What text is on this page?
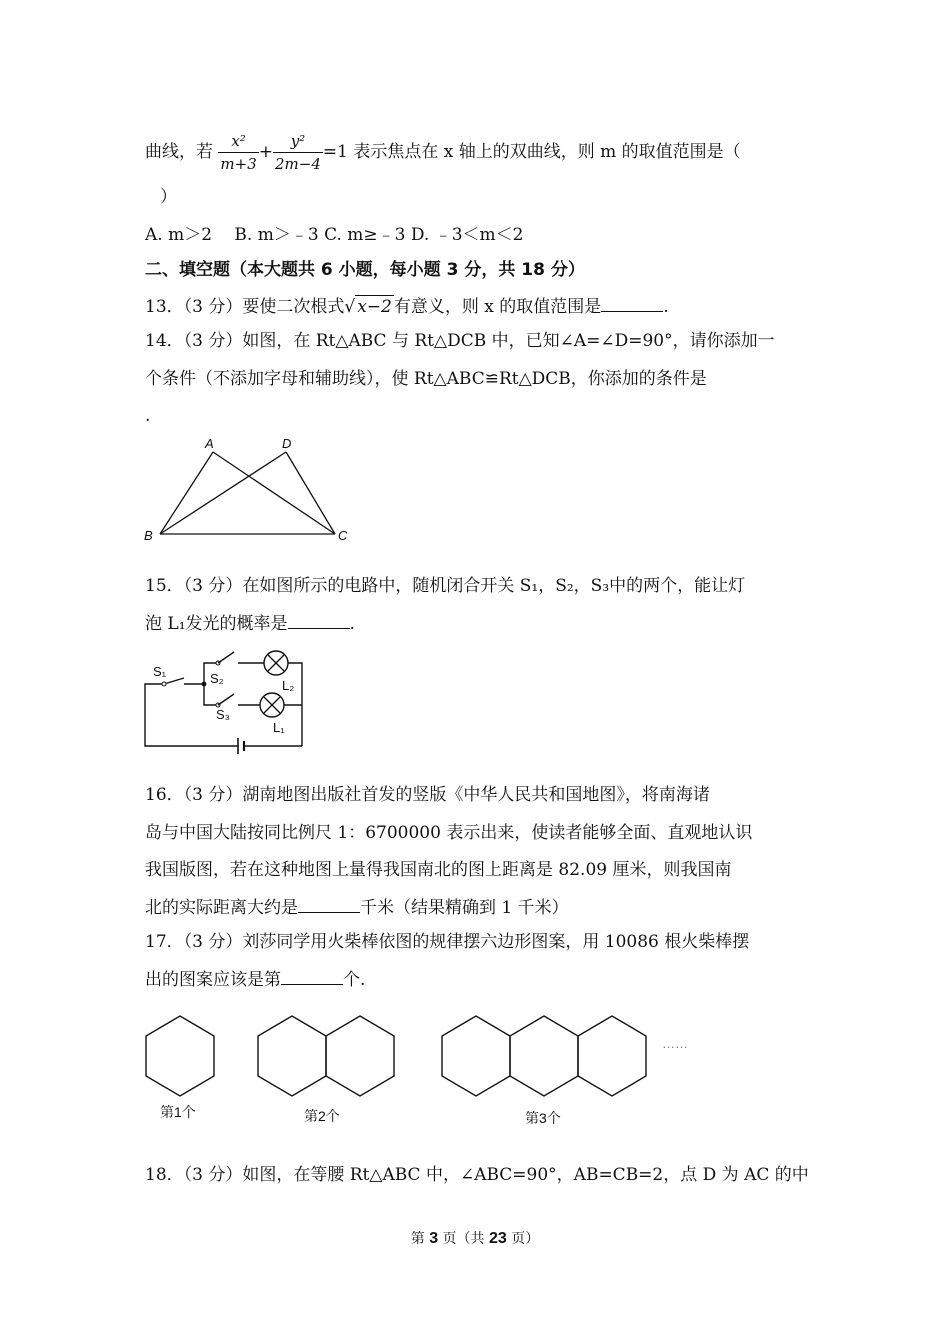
曲线，若 $\frac{\text{x²}}{m+3} + \frac{\text{y²}}{2m-4} =1$ 表示焦点在 x 轴上的双曲线，则 m 的取值范围是（
）
A. m＞2　 B. m＞﹣3 C. m≥﹣3 D. ﹣3＜m＜2
二、填空题（本大题共 6 小题，每小题 3 分，共 18 分）
13．（3 分）要使二次根式√ x−2 有意义，则 x 的取值范围是	.
14．（3 分）如图，在 Rt△ABC 与 Rt△DCB 中，已知∠A=∠D=90°，请你添加一
个条件（不添加字母和辅助线），使 Rt△ABC≌Rt△DCB，你添加的条件是
.
A	D
B	C
15．（3 分）在如图所示的电路中，随机闭合开关 S₁，S₂，S₃中的两个，能让灯
泡 L₁发光的概率是	.
S₁	S₂	L₂
S₃
L₁
16．（3 分）湖南地图出版社首发的竖版《中华人民共和国地图》，将南海诸
岛与中国大陆按同比例尺 1：6700000 表示出来，使读者能够全面、直观地认识
我国版图，若在这种地图上量得我国南北的图上距离是 82.09 厘米，则我国南
北的实际距离大约是	千米（结果精确到 1 千米）
17．（3 分）刘莎同学用火柴棒依图的规律摆六边形图案，用 10086 根火柴棒摆
出的图案应该是第	个.
……
第1个	第2个	第3个
18．（3 分）如图，在等腰 Rt△ABC 中，∠ABC=90°，AB=CB=2，点 D 为 AC 的中
第 3 页（共 23 页）
